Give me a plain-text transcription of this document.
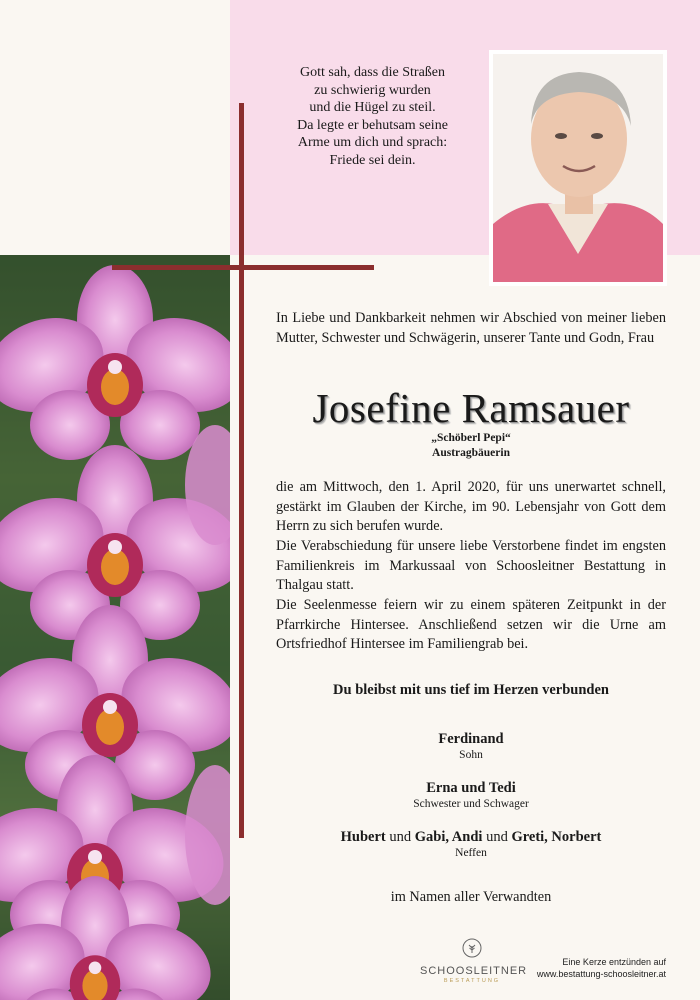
Gott sah, dass die Straßen
zu schwierig wurden
und die Hügel zu steil.
Da legte er behutsam seine
Arme um dich und sprach:
Friede sei dein.
In Liebe und Dankbarkeit nehmen wir Abschied von meiner lieben Mutter, Schwester und Schwägerin, unserer Tante und Godn, Frau
Josefine Ramsauer
„Schöberl Pepi“
Austragbäuerin

die am Mittwoch, den 1. April 2020, für uns unerwartet schnell, gestärkt im Glauben der Kirche, im 90. Lebensjahr von Gott dem Herrn zu sich berufen wurde.

Die Verabschiedung für unsere liebe Verstorbene findet im engsten Familienkreis im Markussaal von Schoosleitner Bestattung in Thalgau statt.

Die Seelenmesse feiern wir zu einem späteren Zeitpunkt in der Pfarrkirche Hintersee. Anschließend setzen wir die Urne am Ortsfriedhof Hintersee im Familiengrab bei.

Du bleibst mit uns tief im Herzen verbunden
Ferdinand
Sohn
Erna und Tedi
Schwester und Schwager
Hubert und Gabi, Andi und Greti, Norbert
Neffen
im Namen aller Verwandten
SCHOOSLEITNER
BESTATTUNG
Eine Kerze entzünden auf
www.bestattung-schoosleitner.at
